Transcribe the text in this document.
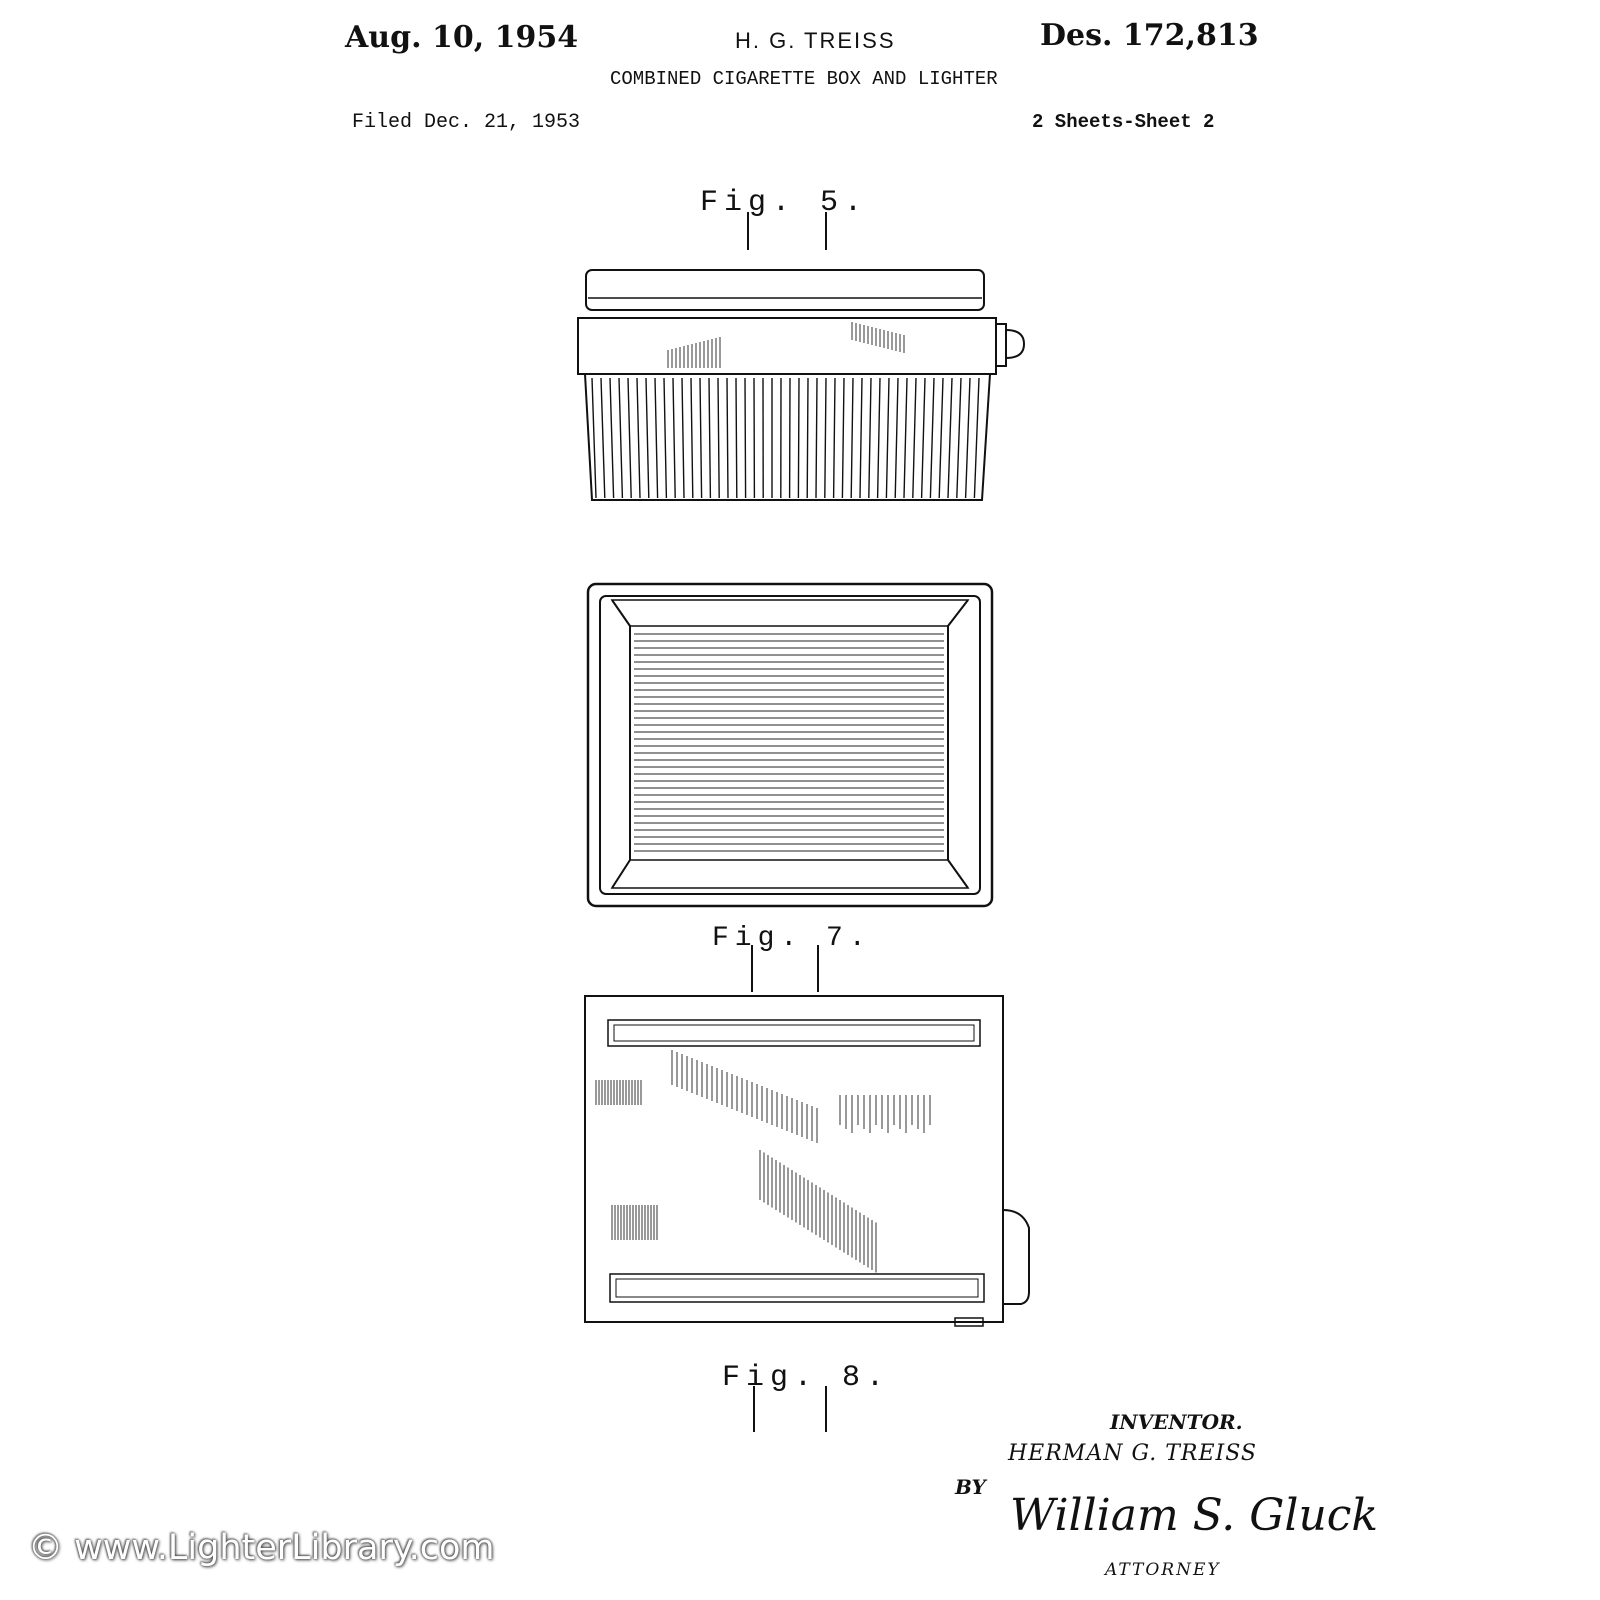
Aug. 10, 1954	H. G. TREISS	Des. 172,813
COMBINED CIGARETTE BOX AND LIGHTER
Filed Dec. 21, 1953	2 Sheets-Sheet 2
Fig. 5.
Fig. 7.
Fig. 8.
William S. Gluck
INVENTOR.
HERMAN G. TREISS
BY
ATTORNEY
© www.LighterLibrary.com
